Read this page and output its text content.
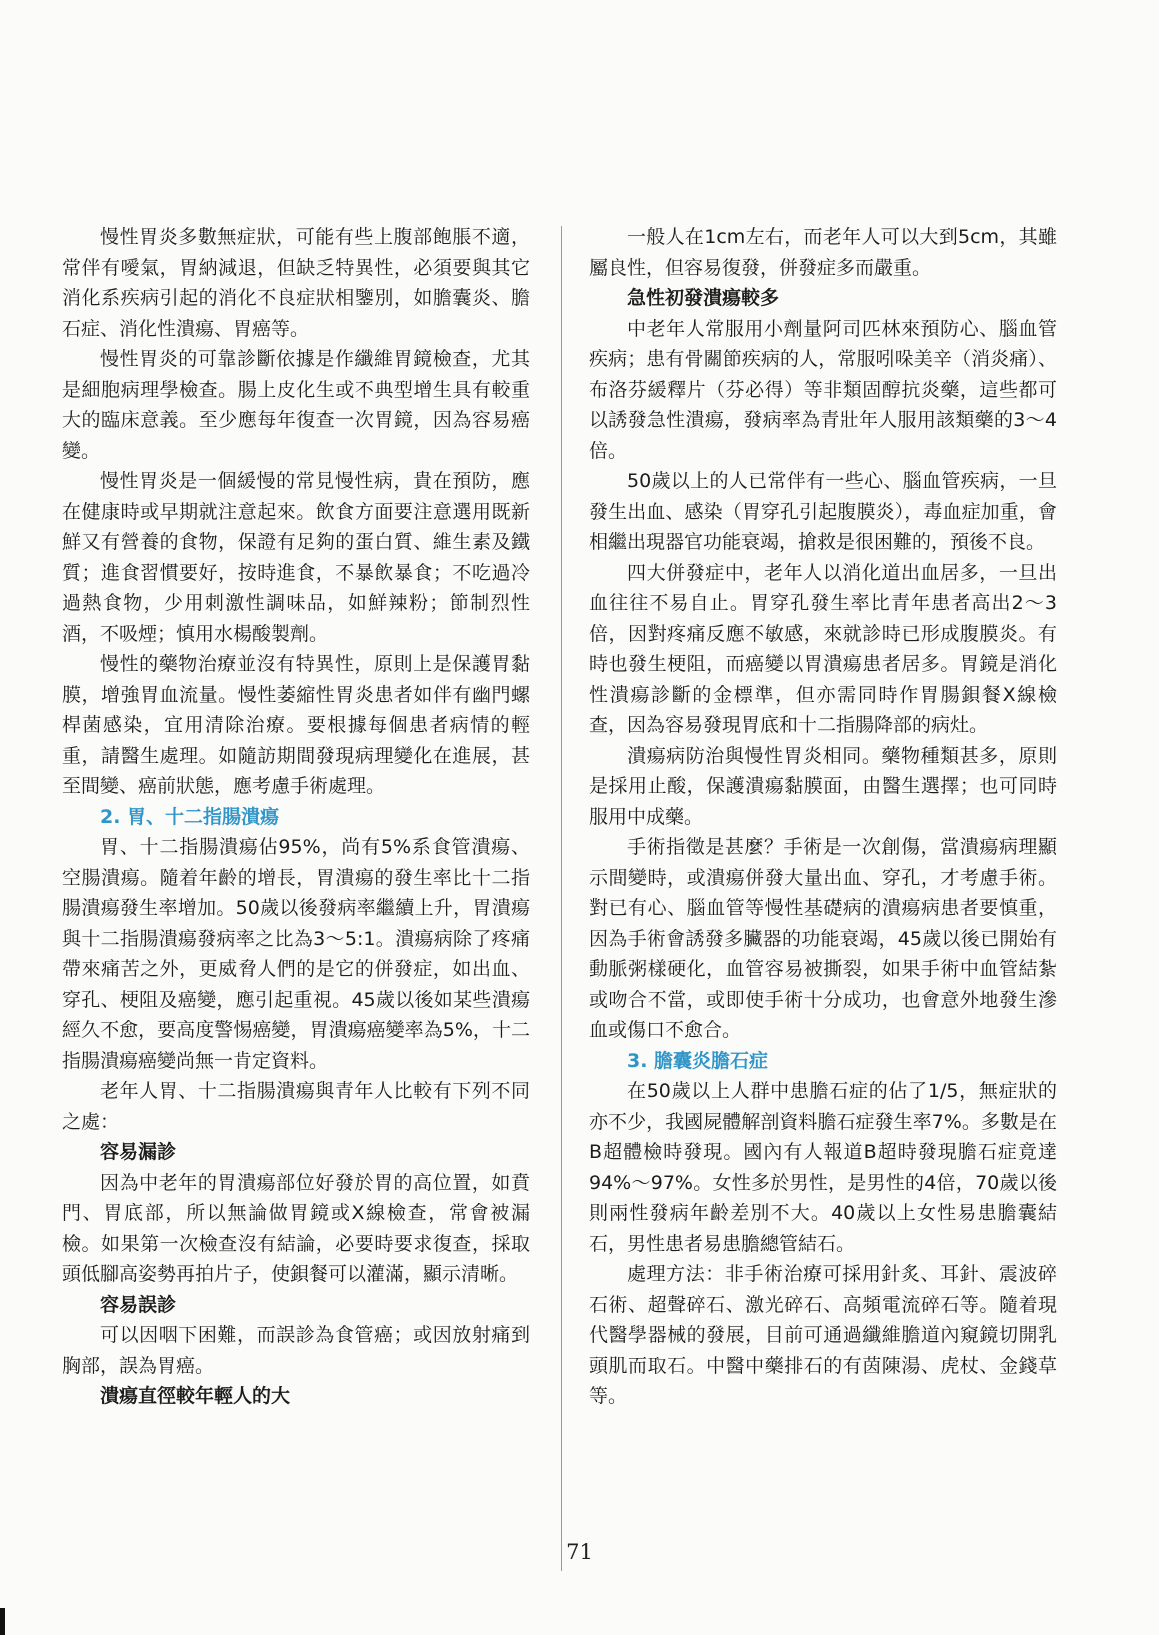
慢性胃炎多數無症狀，可能有些上腹部飽脹不適，常伴有噯氣，胃納減退，但缺乏特異性，必須要與其它消化系疾病引起的消化不良症狀相鑒別，如膽囊炎、膽石症、消化性潰瘍、胃癌等。

慢性胃炎的可靠診斷依據是作纖維胃鏡檢查，尤其是細胞病理學檢查。腸上皮化生或不典型增生具有較重大的臨床意義。至少應每年復查一次胃鏡，因為容易癌變。

慢性胃炎是一個緩慢的常見慢性病，貴在預防，應在健康時或早期就注意起來。飲食方面要注意選用既新鮮又有營養的食物，保證有足夠的蛋白質、維生素及鐵質；進食習慣要好，按時進食，不暴飲暴食；不吃過冷過熱食物，少用刺激性調味品，如鮮辣粉；節制烈性酒，不吸煙；慎用水楊酸製劑。

慢性的藥物治療並沒有特異性，原則上是保護胃黏膜，增強胃血流量。慢性萎縮性胃炎患者如伴有幽門螺桿菌感染，宜用清除治療。要根據每個患者病情的輕重，請醫生處理。如隨訪期間發現病理變化在進展，甚至間變、癌前狀態，應考慮手術處理。

2. 胃、十二指腸潰瘍

胃、十二指腸潰瘍佔95%，尚有5%系食管潰瘍、空腸潰瘍。隨着年齡的增長，胃潰瘍的發生率比十二指腸潰瘍發生率增加。50歲以後發病率繼續上升，胃潰瘍與十二指腸潰瘍發病率之比為3～5:1。潰瘍病除了疼痛帶來痛苦之外，更威脅人們的是它的併發症，如出血、穿孔、梗阻及癌變，應引起重視。45歲以後如某些潰瘍經久不愈，要高度警惕癌變，胃潰瘍癌變率為5%，十二指腸潰瘍癌變尚無一肯定資料。

老年人胃、十二指腸潰瘍與青年人比較有下列不同之處：

容易漏診

因為中老年的胃潰瘍部位好發於胃的高位置，如賁門、胃底部，所以無論做胃鏡或X線檢查，常會被漏檢。如果第一次檢查沒有結論，必要時要求復查，採取頭低腳高姿勢再拍片子，使鋇餐可以灌滿，顯示清晰。

容易誤診

可以因咽下困難，而誤診為食管癌；或因放射痛到胸部，誤為胃癌。

潰瘍直徑較年輕人的大

一般人在1cm左右，而老年人可以大到5cm，其雖屬良性，但容易復發，併發症多而嚴重。

急性初發潰瘍較多

中老年人常服用小劑量阿司匹林來預防心、腦血管疾病；患有骨關節疾病的人，常服吲哚美辛（消炎痛）、布洛芬緩釋片（芬必得）等非類固醇抗炎藥，這些都可以誘發急性潰瘍，發病率為青壯年人服用該類藥的3～4倍。

50歲以上的人已常伴有一些心、腦血管疾病，一旦發生出血、感染（胃穿孔引起腹膜炎），毒血症加重，會相繼出現器官功能衰竭，搶救是很困難的，預後不良。

四大併發症中，老年人以消化道出血居多，一旦出血往往不易自止。胃穿孔發生率比青年患者高出2～3倍，因對疼痛反應不敏感，來就診時已形成腹膜炎。有時也發生梗阻，而癌變以胃潰瘍患者居多。胃鏡是消化性潰瘍診斷的金標準，但亦需同時作胃腸鋇餐X線檢查，因為容易發現胃底和十二指腸降部的病灶。

潰瘍病防治與慢性胃炎相同。藥物種類甚多，原則是採用止酸，保護潰瘍黏膜面，由醫生選擇；也可同時服用中成藥。

手術指徵是甚麼？手術是一次創傷，當潰瘍病理顯示間變時，或潰瘍併發大量出血、穿孔，才考慮手術。對已有心、腦血管等慢性基礎病的潰瘍病患者要慎重，因為手術會誘發多臟器的功能衰竭，45歲以後已開始有動脈粥樣硬化，血管容易被撕裂，如果手術中血管結紮或吻合不當，或即使手術十分成功，也會意外地發生滲血或傷口不愈合。

3. 膽囊炎膽石症

在50歲以上人群中患膽石症的佔了1/5，無症狀的亦不少，我國屍體解剖資料膽石症發生率7%。多數是在B超體檢時發現。國內有人報道B超時發現膽石症竟達94%～97%。女性多於男性，是男性的4倍，70歲以後則兩性發病年齡差別不大。40歲以上女性易患膽囊結石，男性患者易患膽總管結石。

處理方法：非手術治療可採用針炙、耳針、震波碎石術、超聲碎石、激光碎石、高頻電流碎石等。隨着現代醫學器械的發展，目前可通過纖維膽道內窺鏡切開乳頭肌而取石。中醫中藥排石的有茵陳湯、虎杖、金錢草等。

71
